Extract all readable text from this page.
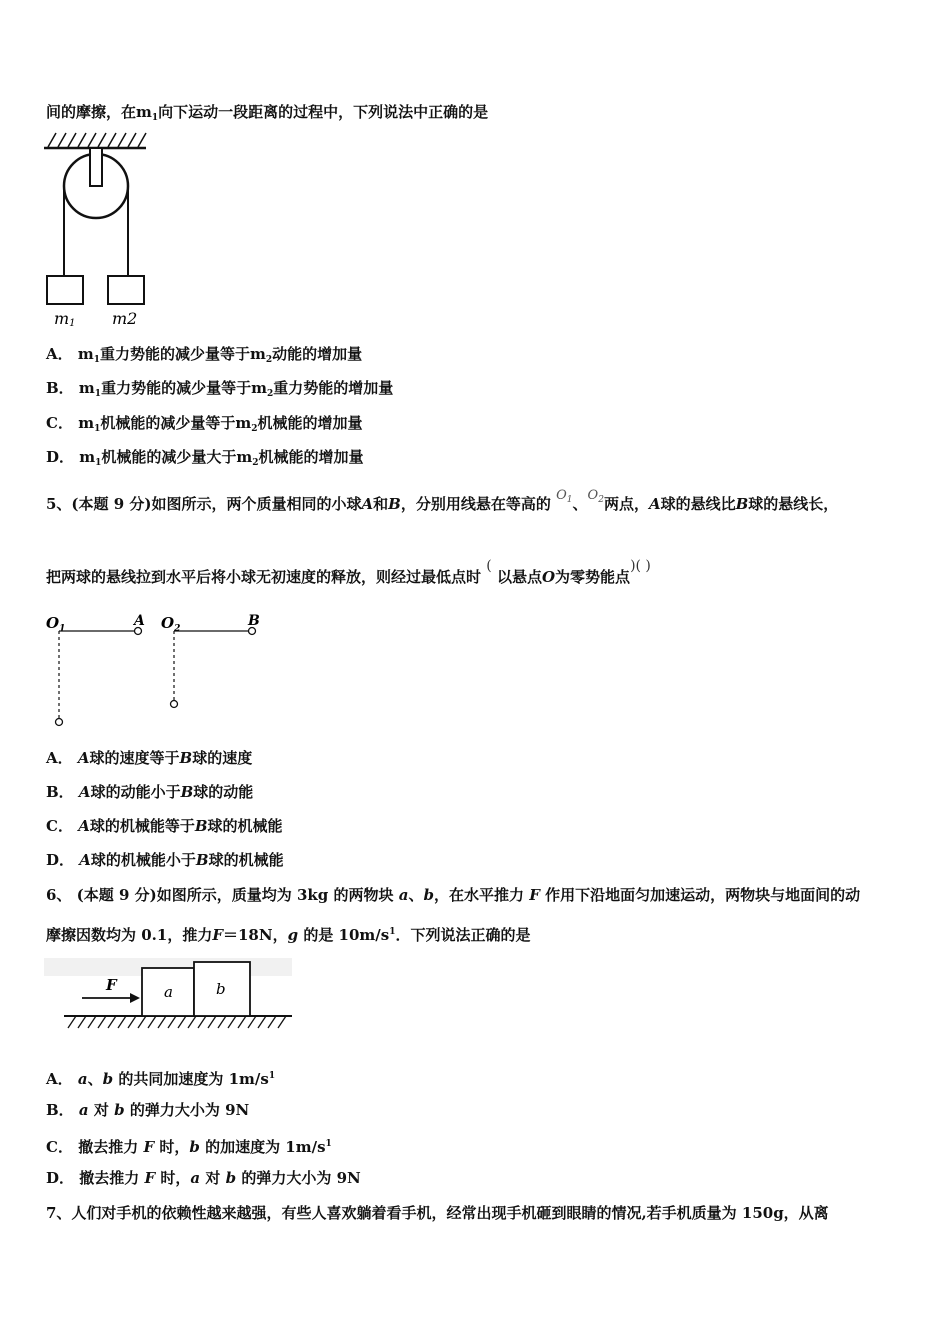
间的摩擦，在$m_1$向下运动一段距离的过程中，下列说法中正确的是
m1 m2
A． $m_1$重力势能的减少量等于$m_2$动能的增加量
B． $m_1$重力势能的减少量等于$m_2$重力势能的增加量
C． $m_1$机械能的减少量等于$m_2$机械能的增加量
D． $m_1$机械能的减少量大于$m_2$机械能的增加量
5、(本题 9 分)如图所示，两个质量相同的小球A和B，分别用线悬在等高的 $O_1$、$O_2$两点，A球的悬线比B球的悬线长，
把两球的悬线拉到水平后将小球无初速度的释放，则经过最低点时 ( 以悬点O为零势能点)( )
$O_1$	A $O_2$	B
A． A球的速度等于B球的速度
B． A球的动能小于B球的动能
C． A球的机械能等于B球的机械能
D． A球的机械能小于B球的机械能
6、 (本题 9 分)如图所示，质量均为 3kg 的两物块 a、b，在水平推力 F 作用下沿地面匀加速运动，两物块与地面间的动
摩擦因数均为 0.1，推力F＝18N，g 的是 $10m/s^1$．下列说法正确的是
a	b
F
A． a、b 的共同加速度为 $1m/s^1$
B． a 对 b 的弹力大小为 9N
C． 撤去推力 F 时，b 的加速度为 $1m/s^1$
D． 撤去推力 F 时，a 对 b 的弹力大小为 9N
7、人们对手机的依赖性越来越强，有些人喜欢躺着看手机，经常出现手机砸到眼睛的情况,若手机质量为 150g，从离
